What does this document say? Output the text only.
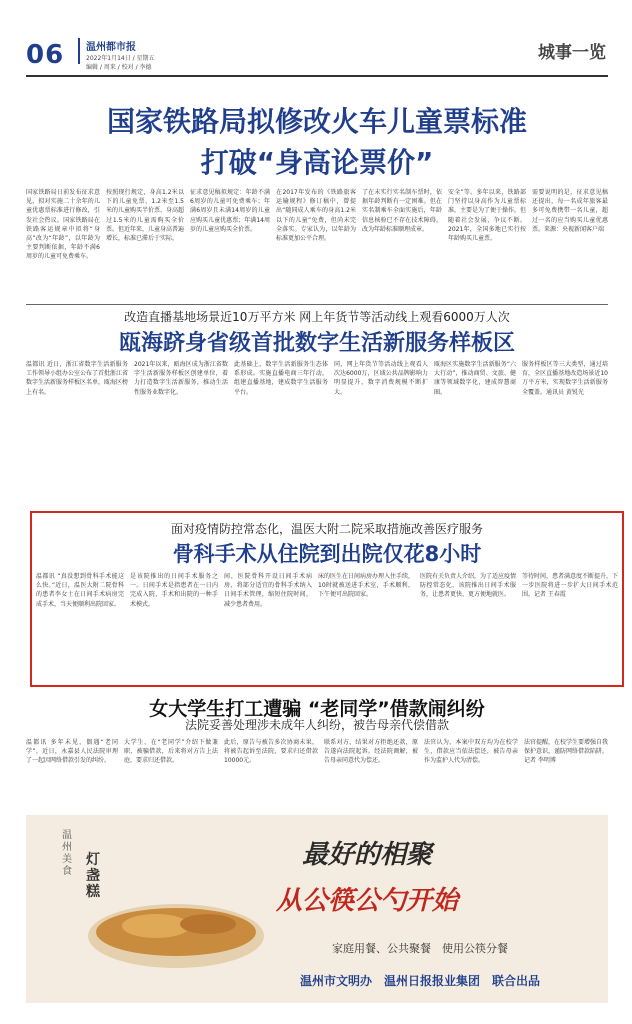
06 温州都市报
2022年1月14日 / 星期五
编辑 / 周来 / 校对 / 李德
城事一览
国家铁路局拟修改火车儿童票标准
打破“身高论票价”
国家铁路局日前发布征求意见，拟对实施二十余年的儿童优惠票标准进行修改，引发社会热议。国家铁路局在铁路客运规章中拟将“身高”改为“年龄”，以年龄为主要判断依据，年龄不满6周岁的儿童可免费乘车。
按照现行规定，身高1.2米以下的儿童免票、1.2米至1.5米的儿童购买半价票、身高超过1.5米的儿童需购买全价票。但近年来，儿童身高普遍增长，标准已滞后于实际。
征求意见稿拟规定：年龄不满6周岁的儿童可免费乘车；年满6周岁且未满14周岁的儿童应购买儿童优惠票；年满14周岁的儿童应购买全价票。
在2017年发布的《铁路旅客运输规程》修订稿中，曾提出“随同成人乘车的身高1.2米以下的儿童”免费，但尚未完全落实。专家认为，以年龄为标准更加公平合理。
了在未实行实名制车票时，依据年龄判断有一定困难。但在实名制乘车全面实施后，年龄信息核验已不存在技术障碍，改为年龄标准顺理成章。
安全”等。多年以来，铁路部门坚持以身高作为儿童票标准，主要是为了便于操作，但随着社会发展，争议不断。2021年，全国多地已实行按年龄购买儿童票。
需要说明的是，征求意见稿还提出，每一名成年旅客最多可免费携带一名儿童，超过一名的应当购买儿童优惠票。来源：央视新闻客户端
改造直播基地场景近10万平方米 网上年货节等活动线上观看6000万人次
瓯海跻身省级首批数字生活新服务样板区
温都讯 近日，浙江省数字生活新服务工作领导小组办公室公布了首批浙江省数字生活新服务样板区名单，瓯海区榜上有名。
2021年以来，瓯海区成为浙江省数字生活新服务样板区创建单位，着力打造数字生活新服务，推动生活性服务业数字化。
此基础上，数字生活新服务生态体系形成。实施直播电商三年行动，组建直播基地，建成数字生活服务平台。
同，网上年货节等活动线上观看人次达6000万，区域公共品牌影响力明显提升，数字消费规模不断扩大。
瓯海区实施数字生活新服务“六大行动”，推动商贸、文旅、健康等领域数字化，建成智慧商圈。
服务样板区等三大类型，通过培育，全区直播基地改造场景近10万平方米，实现数字生活新服务全覆盖。通讯员 黄锐光
面对疫情防控常态化，温医大附二院采取措施改善医疗服务
骨科手术从住院到出院仅花8小时
温都讯 “真没想到骨科手术能这么快。”近日，温医大附二院骨科的患者李女士在日间手术病房完成手术，当天便顺利出院回家。
是该院推出的日间手术服务之一。日间手术是指患者在一日内完成入院、手术和出院的一种手术模式。
间，医院骨科开设日间手术病房，将部分适宜的骨科手术纳入日间手术管理，缩短住院时间，减少患者费用。
床的医生在日间病房办理入住手续，10时就被送进手术室，手术顺利，下午便可出院回家。
医院有关负责人介绍，为了适应疫情防控常态化，该院推出日间手术服务，让患者更快、更方便地就医。
等待时间，患者满意度不断提升，下一步医院将进一步扩大日间手术范围。记者 王春霞
女大学生打工遭骗 “老同学”借款闹纠纷
法院妥善处理涉未成年人纠纷，被告母亲代偿借款
温都讯 多年未见，偶遇“老同学”。近日，永嘉县人民法院审理了一起因网络借款引发的纠纷。
大学生，在“老同学”介绍下做兼职，被骗借款，后来将对方告上法庭，要求归还借款。
此后，原告与被告多次协商未果，将被告起诉至法院，要求归还借款10000元。
联系对方，结果对方拒绝还款，原告遂向法院起诉。经法院调解，被告母亲同意代为偿还。
法官认为，本案中双方均为在校学生，借款应当依法偿还，被告母亲作为监护人代为清偿。
法官提醒，在校学生要增强自我保护意识，谨防网络借款陷阱。记者 李明博
温州美食
灯盏糕
最好的相聚
从公筷公勺开始
家庭用餐、公共聚餐　使用公筷分餐
温州市文明办　温州日报报业集团　联合出品
